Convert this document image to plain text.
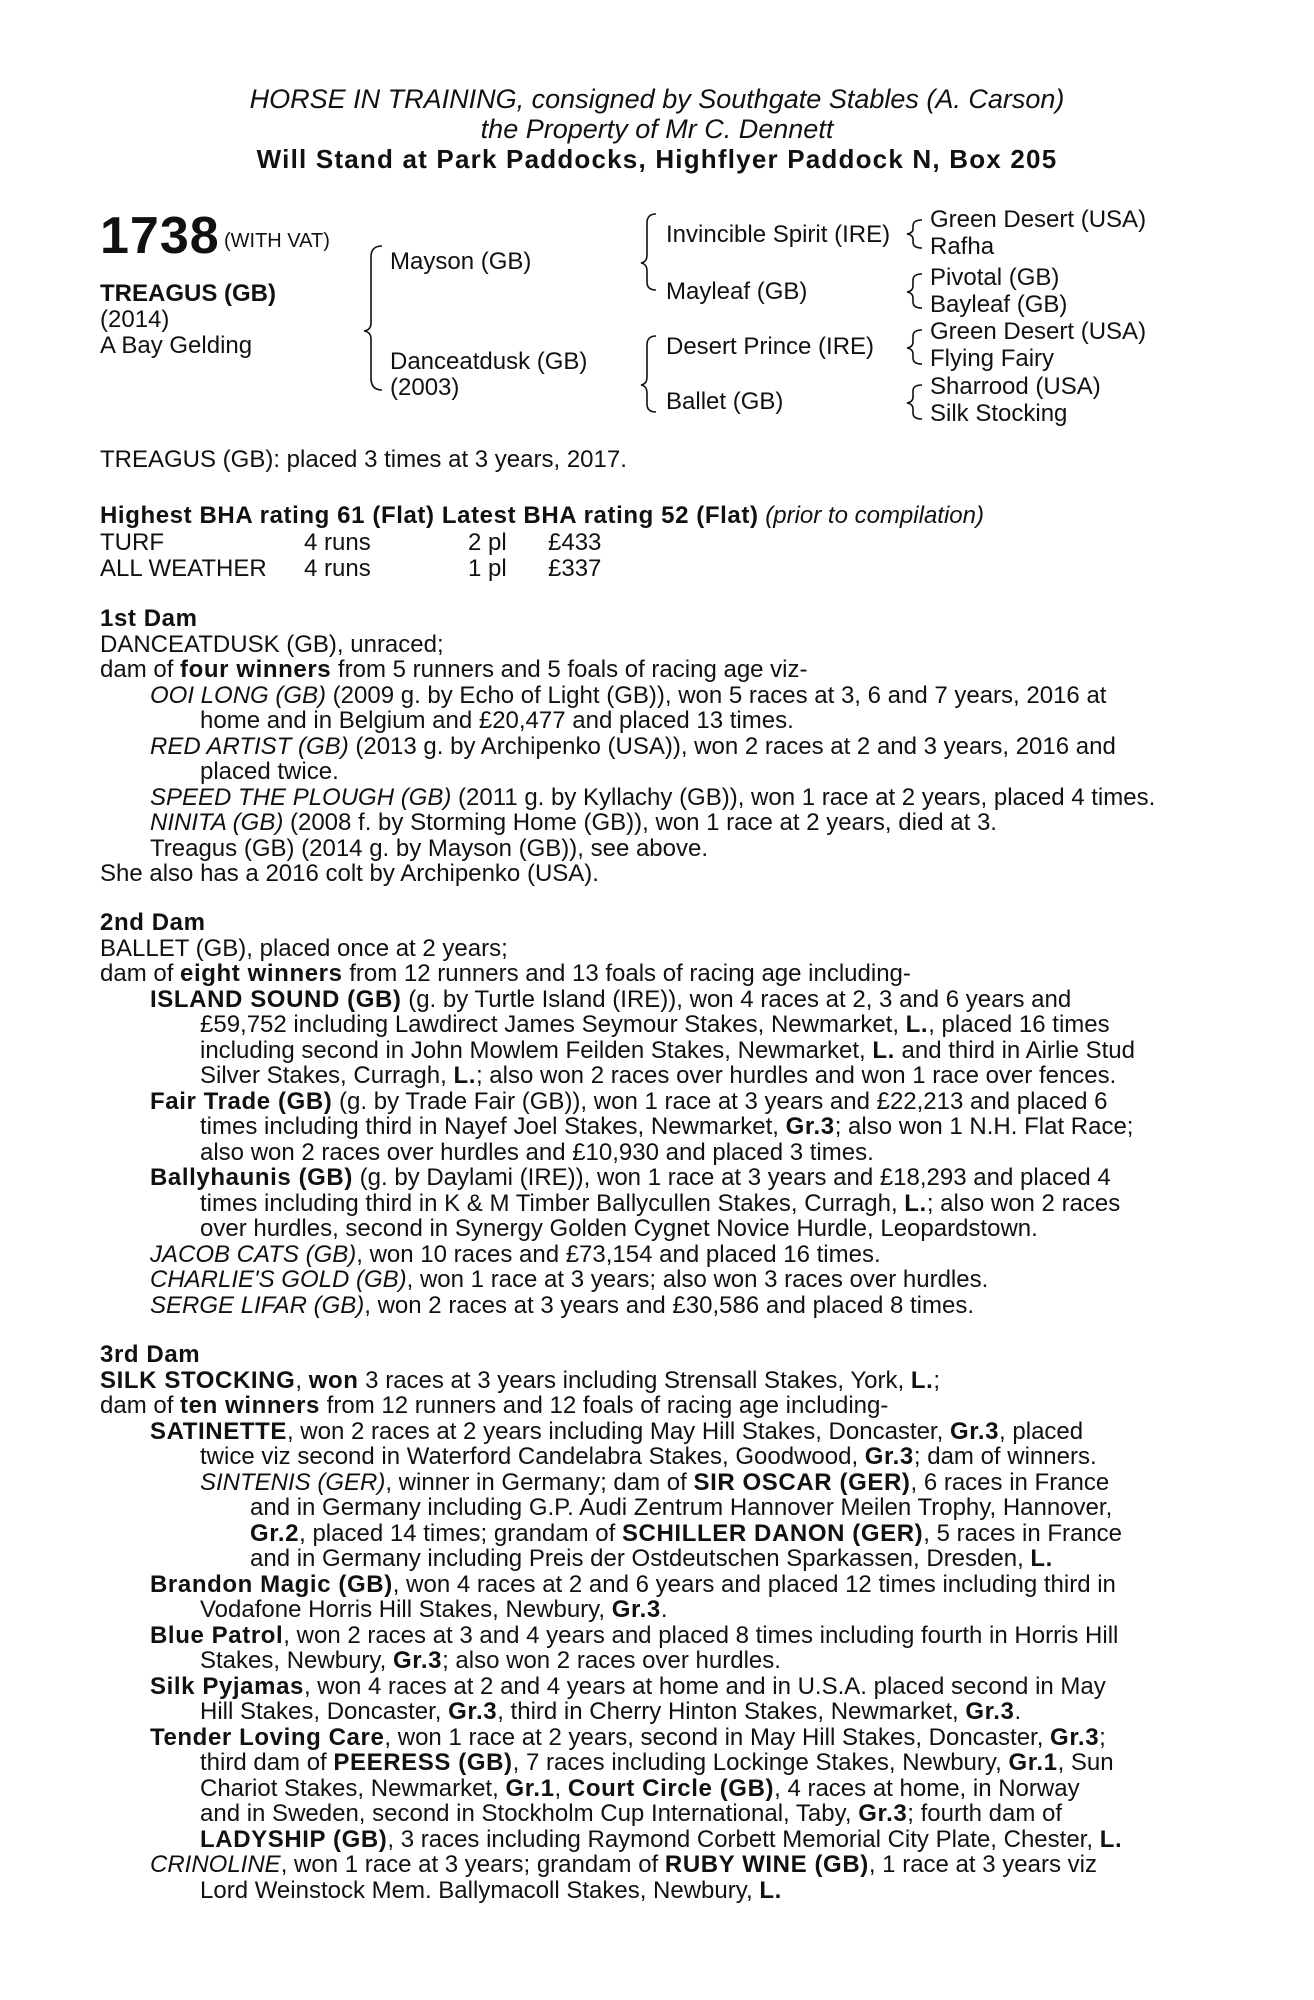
HORSE IN TRAINING, consigned by Southgate Stables (A. Carson)
the Property of Mr C. Dennett
Will Stand at Park Paddocks, Highflyer Paddock N, Box 205
1738 (WITH VAT)
TREAGUS (GB)
(2014)
A Bay Gelding
Mayson (GB)
Danceatdusk (GB)
(2003)
Invincible Spirit (IRE)
Mayleaf (GB)
Desert Prince (IRE)
Ballet (GB)
Green Desert (USA)
Rafha
Pivotal (GB)
Bayleaf (GB)
Green Desert (USA)
Flying Fairy
Sharrood (USA)
Silk Stocking
TREAGUS (GB): placed 3 times at 3 years, 2017.
Highest BHA rating 61 (Flat) Latest BHA rating 52 (Flat) (prior to compilation)
TURF	4 runs	2 pl £433
ALL WEATHER 4 runs	1 pl £337
1st Dam
DANCEATDUSK (GB), unraced;
dam of four winners from 5 runners and 5 foals of racing age viz-
OOI LONG (GB) (2009 g. by Echo of Light (GB)), won 5 races at 3, 6 and 7 years, 2016 at
home and in Belgium and £20,477 and placed 13 times.
RED ARTIST (GB) (2013 g. by Archipenko (USA)), won 2 races at 2 and 3 years, 2016 and
placed twice.
SPEED THE PLOUGH (GB) (2011 g. by Kyllachy (GB)), won 1 race at 2 years, placed 4 times.
NINITA (GB) (2008 f. by Storming Home (GB)), won 1 race at 2 years, died at 3.
Treagus (GB) (2014 g. by Mayson (GB)), see above.
She also has a 2016 colt by Archipenko (USA).
2nd Dam
BALLET (GB), placed once at 2 years;
dam of eight winners from 12 runners and 13 foals of racing age including-
ISLAND SOUND (GB) (g. by Turtle Island (IRE)), won 4 races at 2, 3 and 6 years and
£59,752 including Lawdirect James Seymour Stakes, Newmarket, L., placed 16 times
including second in John Mowlem Feilden Stakes, Newmarket, L. and third in Airlie Stud
Silver Stakes, Curragh, L.; also won 2 races over hurdles and won 1 race over fences.
Fair Trade (GB) (g. by Trade Fair (GB)), won 1 race at 3 years and £22,213 and placed 6
times including third in Nayef Joel Stakes, Newmarket, Gr.3; also won 1 N.H. Flat Race;
also won 2 races over hurdles and £10,930 and placed 3 times.
Ballyhaunis (GB) (g. by Daylami (IRE)), won 1 race at 3 years and £18,293 and placed 4
times including third in K & M Timber Ballycullen Stakes, Curragh, L.; also won 2 races
over hurdles, second in Synergy Golden Cygnet Novice Hurdle, Leopardstown.
JACOB CATS (GB), won 10 races and £73,154 and placed 16 times.
CHARLIE'S GOLD (GB), won 1 race at 3 years; also won 3 races over hurdles.
SERGE LIFAR (GB), won 2 races at 3 years and £30,586 and placed 8 times.
3rd Dam
SILK STOCKING, won 3 races at 3 years including Strensall Stakes, York, L.;
dam of ten winners from 12 runners and 12 foals of racing age including-
SATINETTE, won 2 races at 2 years including May Hill Stakes, Doncaster, Gr.3, placed
twice viz second in Waterford Candelabra Stakes, Goodwood, Gr.3; dam of winners.
SINTENIS (GER), winner in Germany; dam of SIR OSCAR (GER), 6 races in France
and in Germany including G.P. Audi Zentrum Hannover Meilen Trophy, Hannover,
Gr.2, placed 14 times; grandam of SCHILLER DANON (GER), 5 races in France
and in Germany including Preis der Ostdeutschen Sparkassen, Dresden, L.
Brandon Magic (GB), won 4 races at 2 and 6 years and placed 12 times including third in
Vodafone Horris Hill Stakes, Newbury, Gr.3.
Blue Patrol, won 2 races at 3 and 4 years and placed 8 times including fourth in Horris Hill
Stakes, Newbury, Gr.3; also won 2 races over hurdles.
Silk Pyjamas, won 4 races at 2 and 4 years at home and in U.S.A. placed second in May
Hill Stakes, Doncaster, Gr.3, third in Cherry Hinton Stakes, Newmarket, Gr.3.
Tender Loving Care, won 1 race at 2 years, second in May Hill Stakes, Doncaster, Gr.3;
third dam of PEERESS (GB), 7 races including Lockinge Stakes, Newbury, Gr.1, Sun
Chariot Stakes, Newmarket, Gr.1, Court Circle (GB), 4 races at home, in Norway
and in Sweden, second in Stockholm Cup International, Taby, Gr.3; fourth dam of
LADYSHIP (GB), 3 races including Raymond Corbett Memorial City Plate, Chester, L.
CRINOLINE, won 1 race at 3 years; grandam of RUBY WINE (GB), 1 race at 3 years viz
Lord Weinstock Mem. Ballymacoll Stakes, Newbury, L.
